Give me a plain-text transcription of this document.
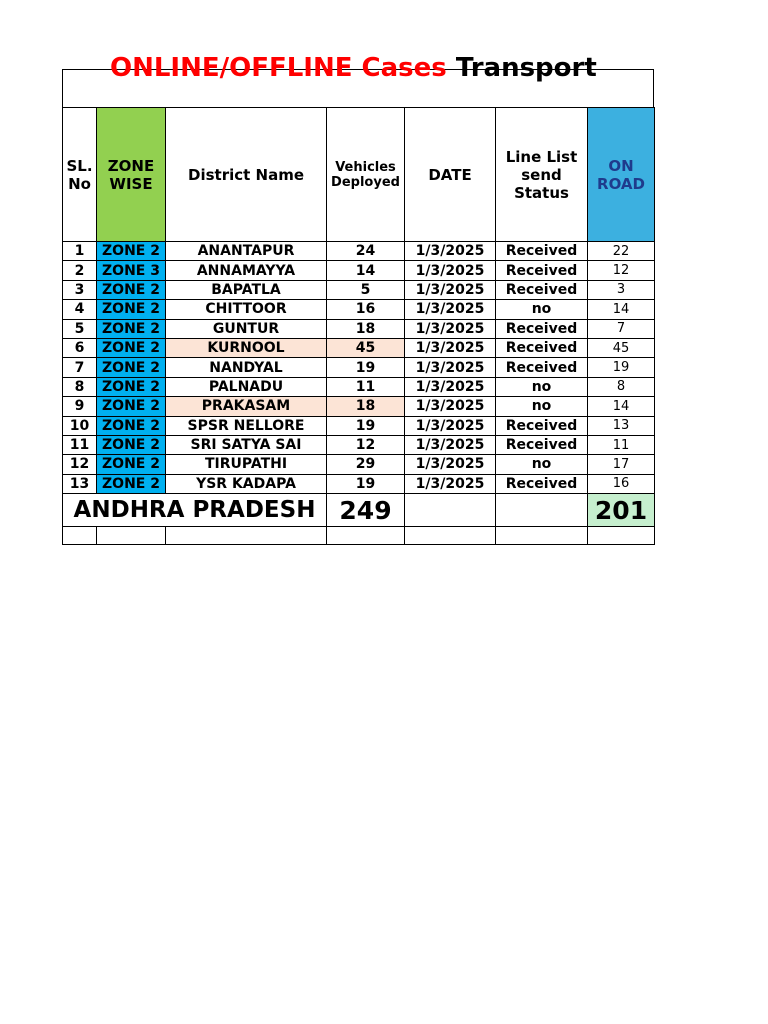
ONLINE/OFFLINE Cases Transport
SL. No	ZONE WISE	District Name	Vehicles Deployed	DATE	Line List send Status	ON ROAD
1	ZONE 2	ANANTAPUR	24	1/3/2025	Received	22
2	ZONE 3	ANNAMAYYA	14	1/3/2025	Received	12
3	ZONE 2	BAPATLA	5	1/3/2025	Received	3
4	ZONE 2	CHITTOOR	16	1/3/2025	no	14
5	ZONE 2	GUNTUR	18	1/3/2025	Received	7
6	ZONE 2	KURNOOL	45	1/3/2025	Received	45
7	ZONE 2	NANDYAL	19	1/3/2025	Received	19
8	ZONE 2	PALNADU	11	1/3/2025	no	8
9	ZONE 2	PRAKASAM	18	1/3/2025	no	14
10	ZONE 2	SPSR NELLORE	19	1/3/2025	Received	13
11	ZONE 2	SRI SATYA SAI	12	1/3/2025	Received	11
12	ZONE 2	TIRUPATHI	29	1/3/2025	no	17
13	ZONE 2	YSR KADAPA	19	1/3/2025	Received	16
ANDHRA PRADESH			249			201
